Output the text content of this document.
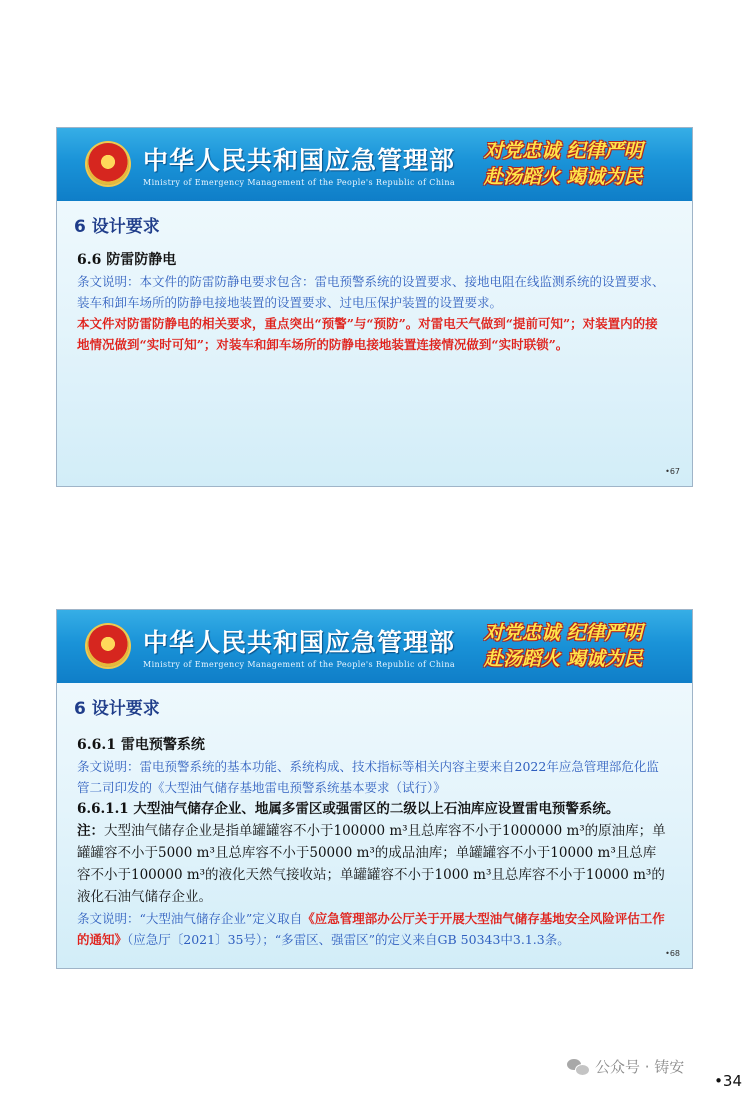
中华人民共和国应急管理部
Ministry of Emergency Management of the People's Republic of China
对党忠诚 纪律严明
赴汤蹈火 竭诚为民
6 设计要求
6.6 防雷防静电
条文说明：本文件的防雷防静电要求包含：雷电预警系统的设置要求、接地电阻在线监测系统的设置要求、装车和卸车场所的防静电接地装置的设置要求、过电压保护装置的设置要求。
本文件对防雷防静电的相关要求，重点突出“预警”与“预防”。对雷电天气做到“提前可知”；对装置内的接地情况做到“实时可知”；对装车和卸车场所的防静电接地装置连接情况做到“实时联锁”。
•67
中华人民共和国应急管理部
Ministry of Emergency Management of the People's Republic of China
对党忠诚 纪律严明
赴汤蹈火 竭诚为民
6 设计要求
6.6.1 雷电预警系统
条文说明：雷电预警系统的基本功能、系统构成、技术指标等相关内容主要来自2022年应急管理部危化监管二司印发的《大型油气储存基地雷电预警系统基本要求（试行）》
6.6.1.1 大型油气储存企业、地属多雷区或强雷区的二级以上石油库应设置雷电预警系统。
注：大型油气储存企业是指单罐罐容不小于100000 m³且总库容不小于1000000 m³的原油库；单罐罐容不小于5000 m³且总库容不小于50000 m³的成品油库；单罐罐容不小于10000 m³且总库容不小于100000 m³的液化天然气接收站；单罐罐容不小于1000 m³且总库容不小于10000 m³的液化石油气储存企业。
条文说明：“大型油气储存企业”定义取自《应急管理部办公厅关于开展大型油气储存基地安全风险评估工作的通知》（应急厅〔2021〕35号）；“多雷区、强雷区”的定义来自GB 50343中3.1.3条。
•68
公众号 · 铸安
•34
